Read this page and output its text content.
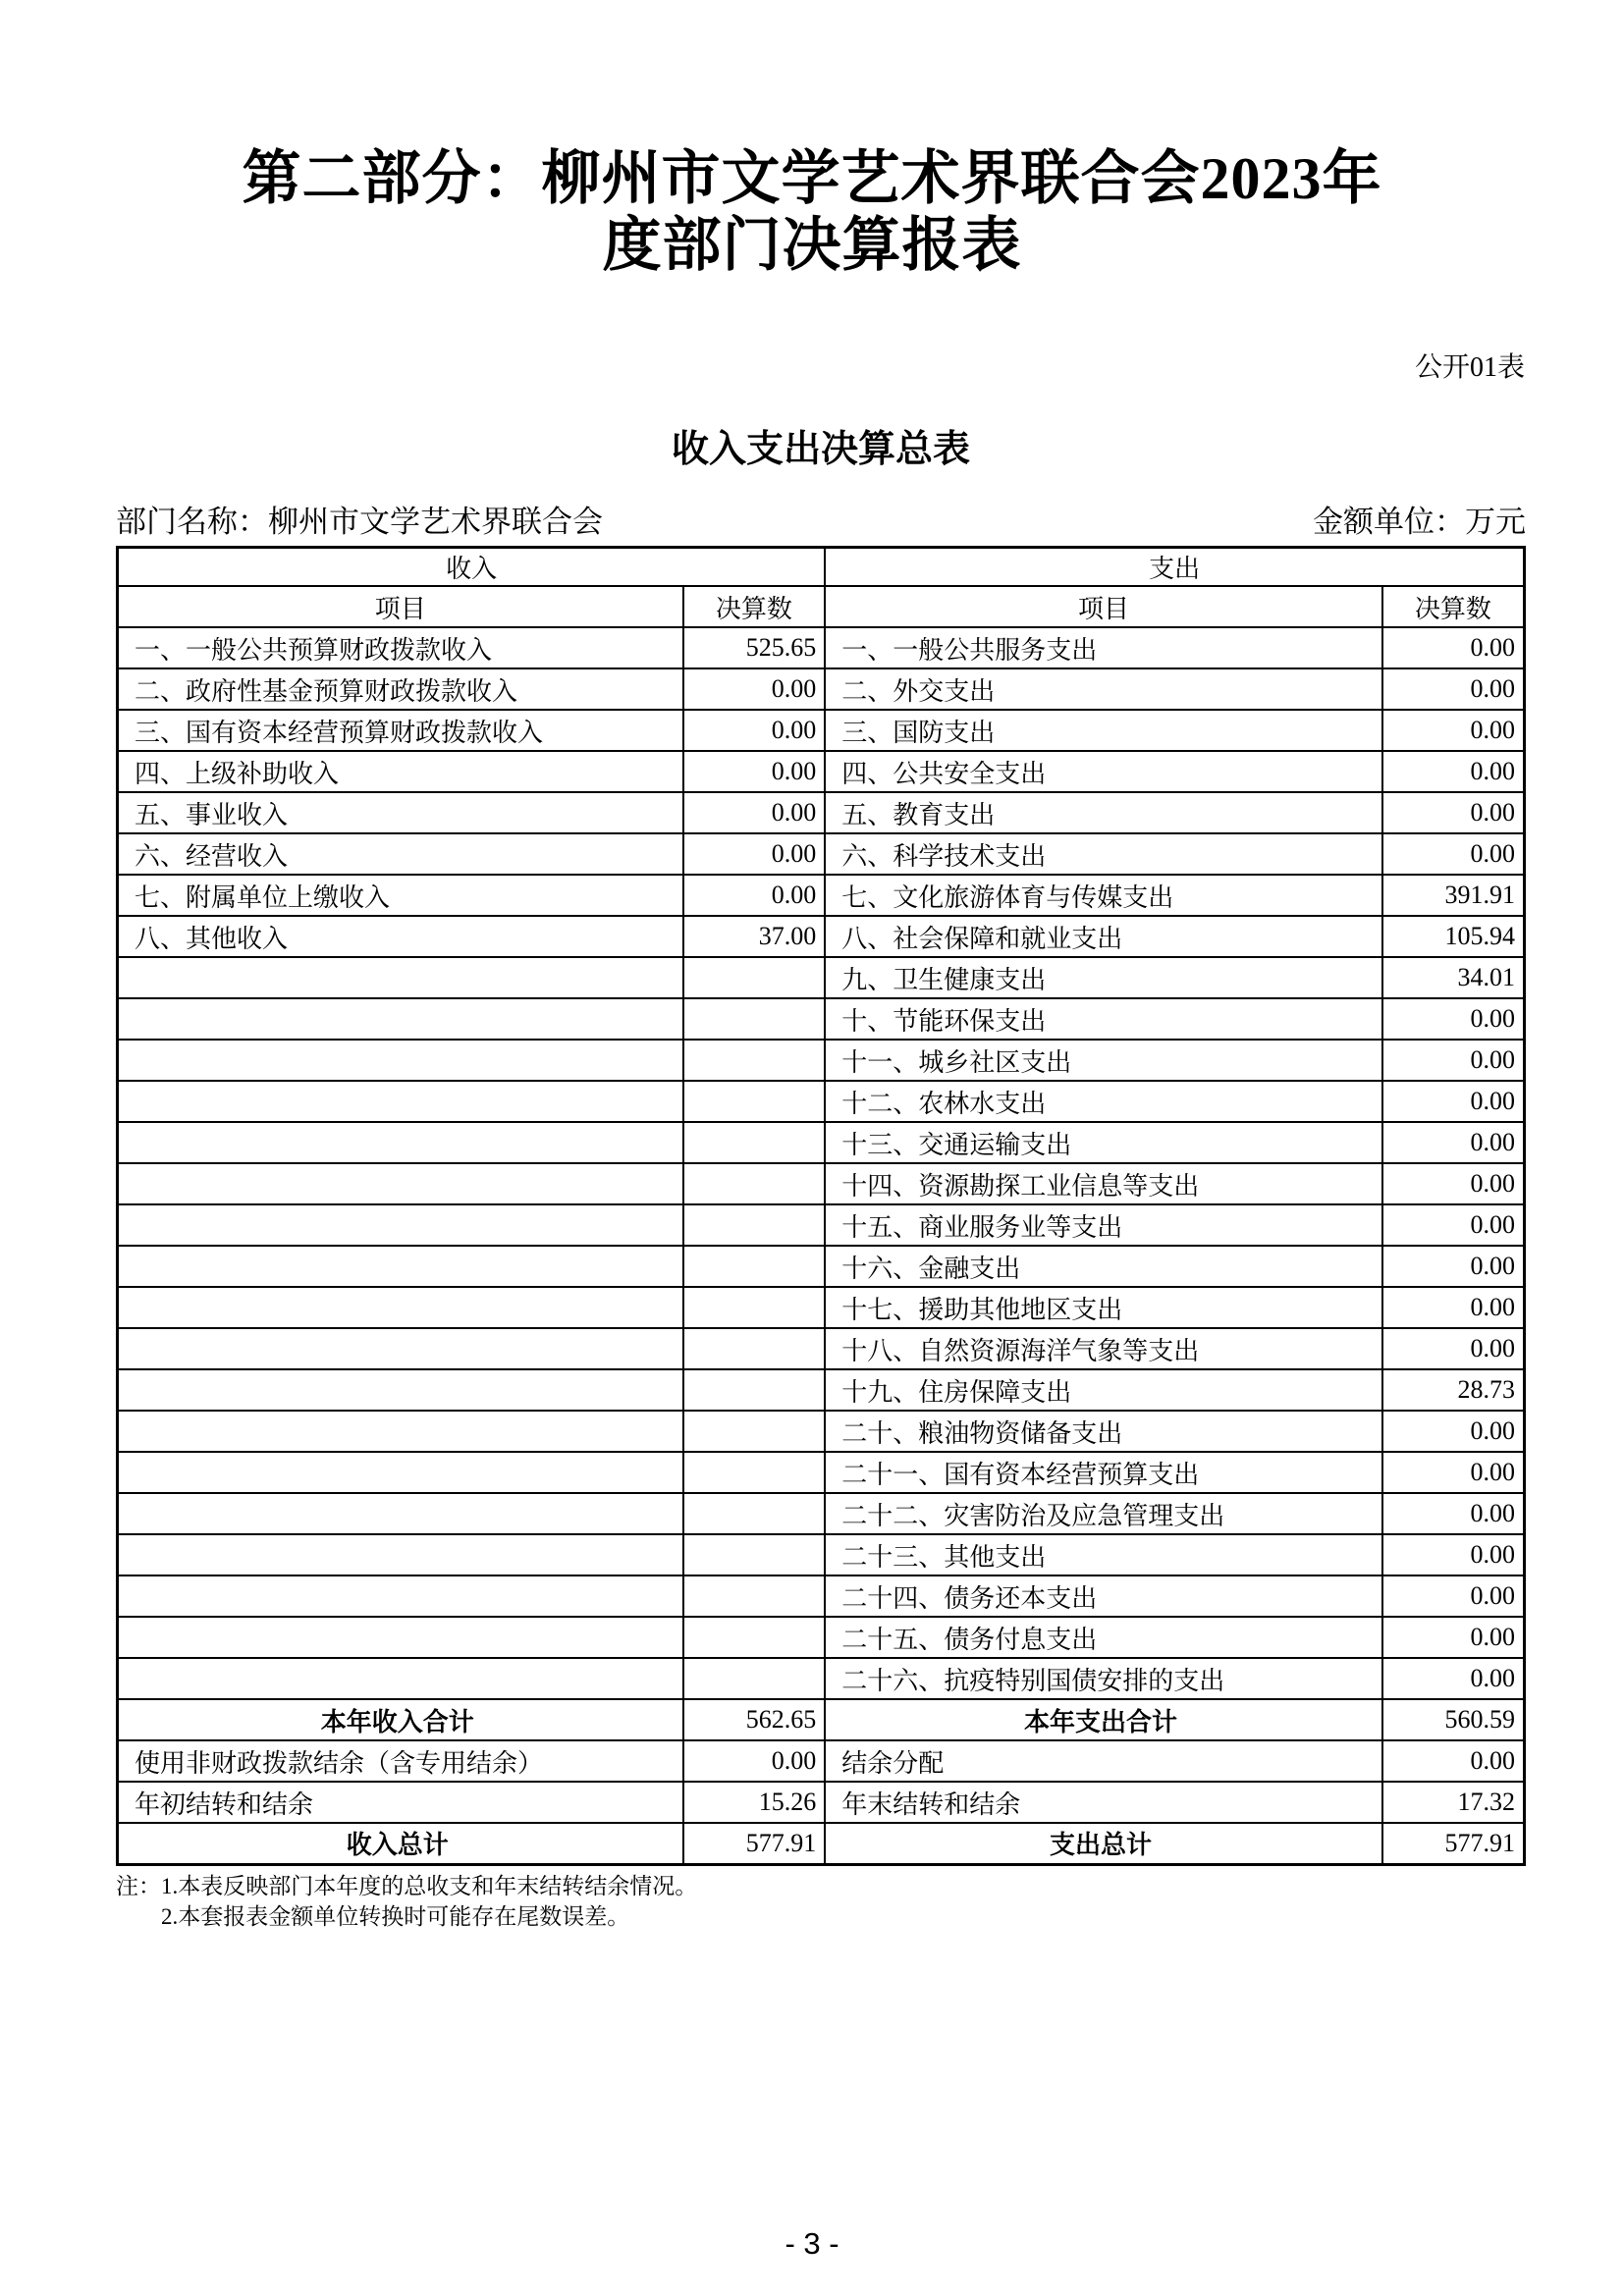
第二部分：柳州市文学艺术界联合会2023年
度部门决算报表
公开01表
收入支出决算总表
部门名称：柳州市文学艺术界联合会	金额单位：万元
收入		支出	
项目	决算数	项目	决算数
一、一般公共预算财政拨款收入	525.65	一、一般公共服务支出	0.00
二、政府性基金预算财政拨款收入	0.00	二、外交支出	0.00
三、国有资本经营预算财政拨款收入	0.00	三、国防支出	0.00
四、上级补助收入	0.00	四、公共安全支出	0.00
五、事业收入	0.00	五、教育支出	0.00
六、经营收入	0.00	六、科学技术支出	0.00
七、附属单位上缴收入	0.00	七、文化旅游体育与传媒支出	391.91
八、其他收入	37.00	八、社会保障和就业支出	105.94
		九、卫生健康支出	34.01
		十、节能环保支出	0.00
		十一、城乡社区支出	0.00
		十二、农林水支出	0.00
		十三、交通运输支出	0.00
		十四、资源勘探工业信息等支出	0.00
		十五、商业服务业等支出	0.00
		十六、金融支出	0.00
		十七、援助其他地区支出	0.00
		十八、自然资源海洋气象等支出	0.00
		十九、住房保障支出	28.73
		二十、粮油物资储备支出	0.00
		二十一、国有资本经营预算支出	0.00
		二十二、灾害防治及应急管理支出	0.00
		二十三、其他支出	0.00
		二十四、债务还本支出	0.00
		二十五、债务付息支出	0.00
		二十六、抗疫特别国债安排的支出	0.00
本年收入合计	562.65	本年支出合计	560.59
使用非财政拨款结余（含专用结余）	0.00	结余分配	0.00
年初结转和结余	15.26	年末结转和结余	17.32
收入总计	577.91	支出总计	577.91
注：1.本表反映部门本年度的总收支和年末结转结余情况。
2.本套报表金额单位转换时可能存在尾数误差。
- 3 -
